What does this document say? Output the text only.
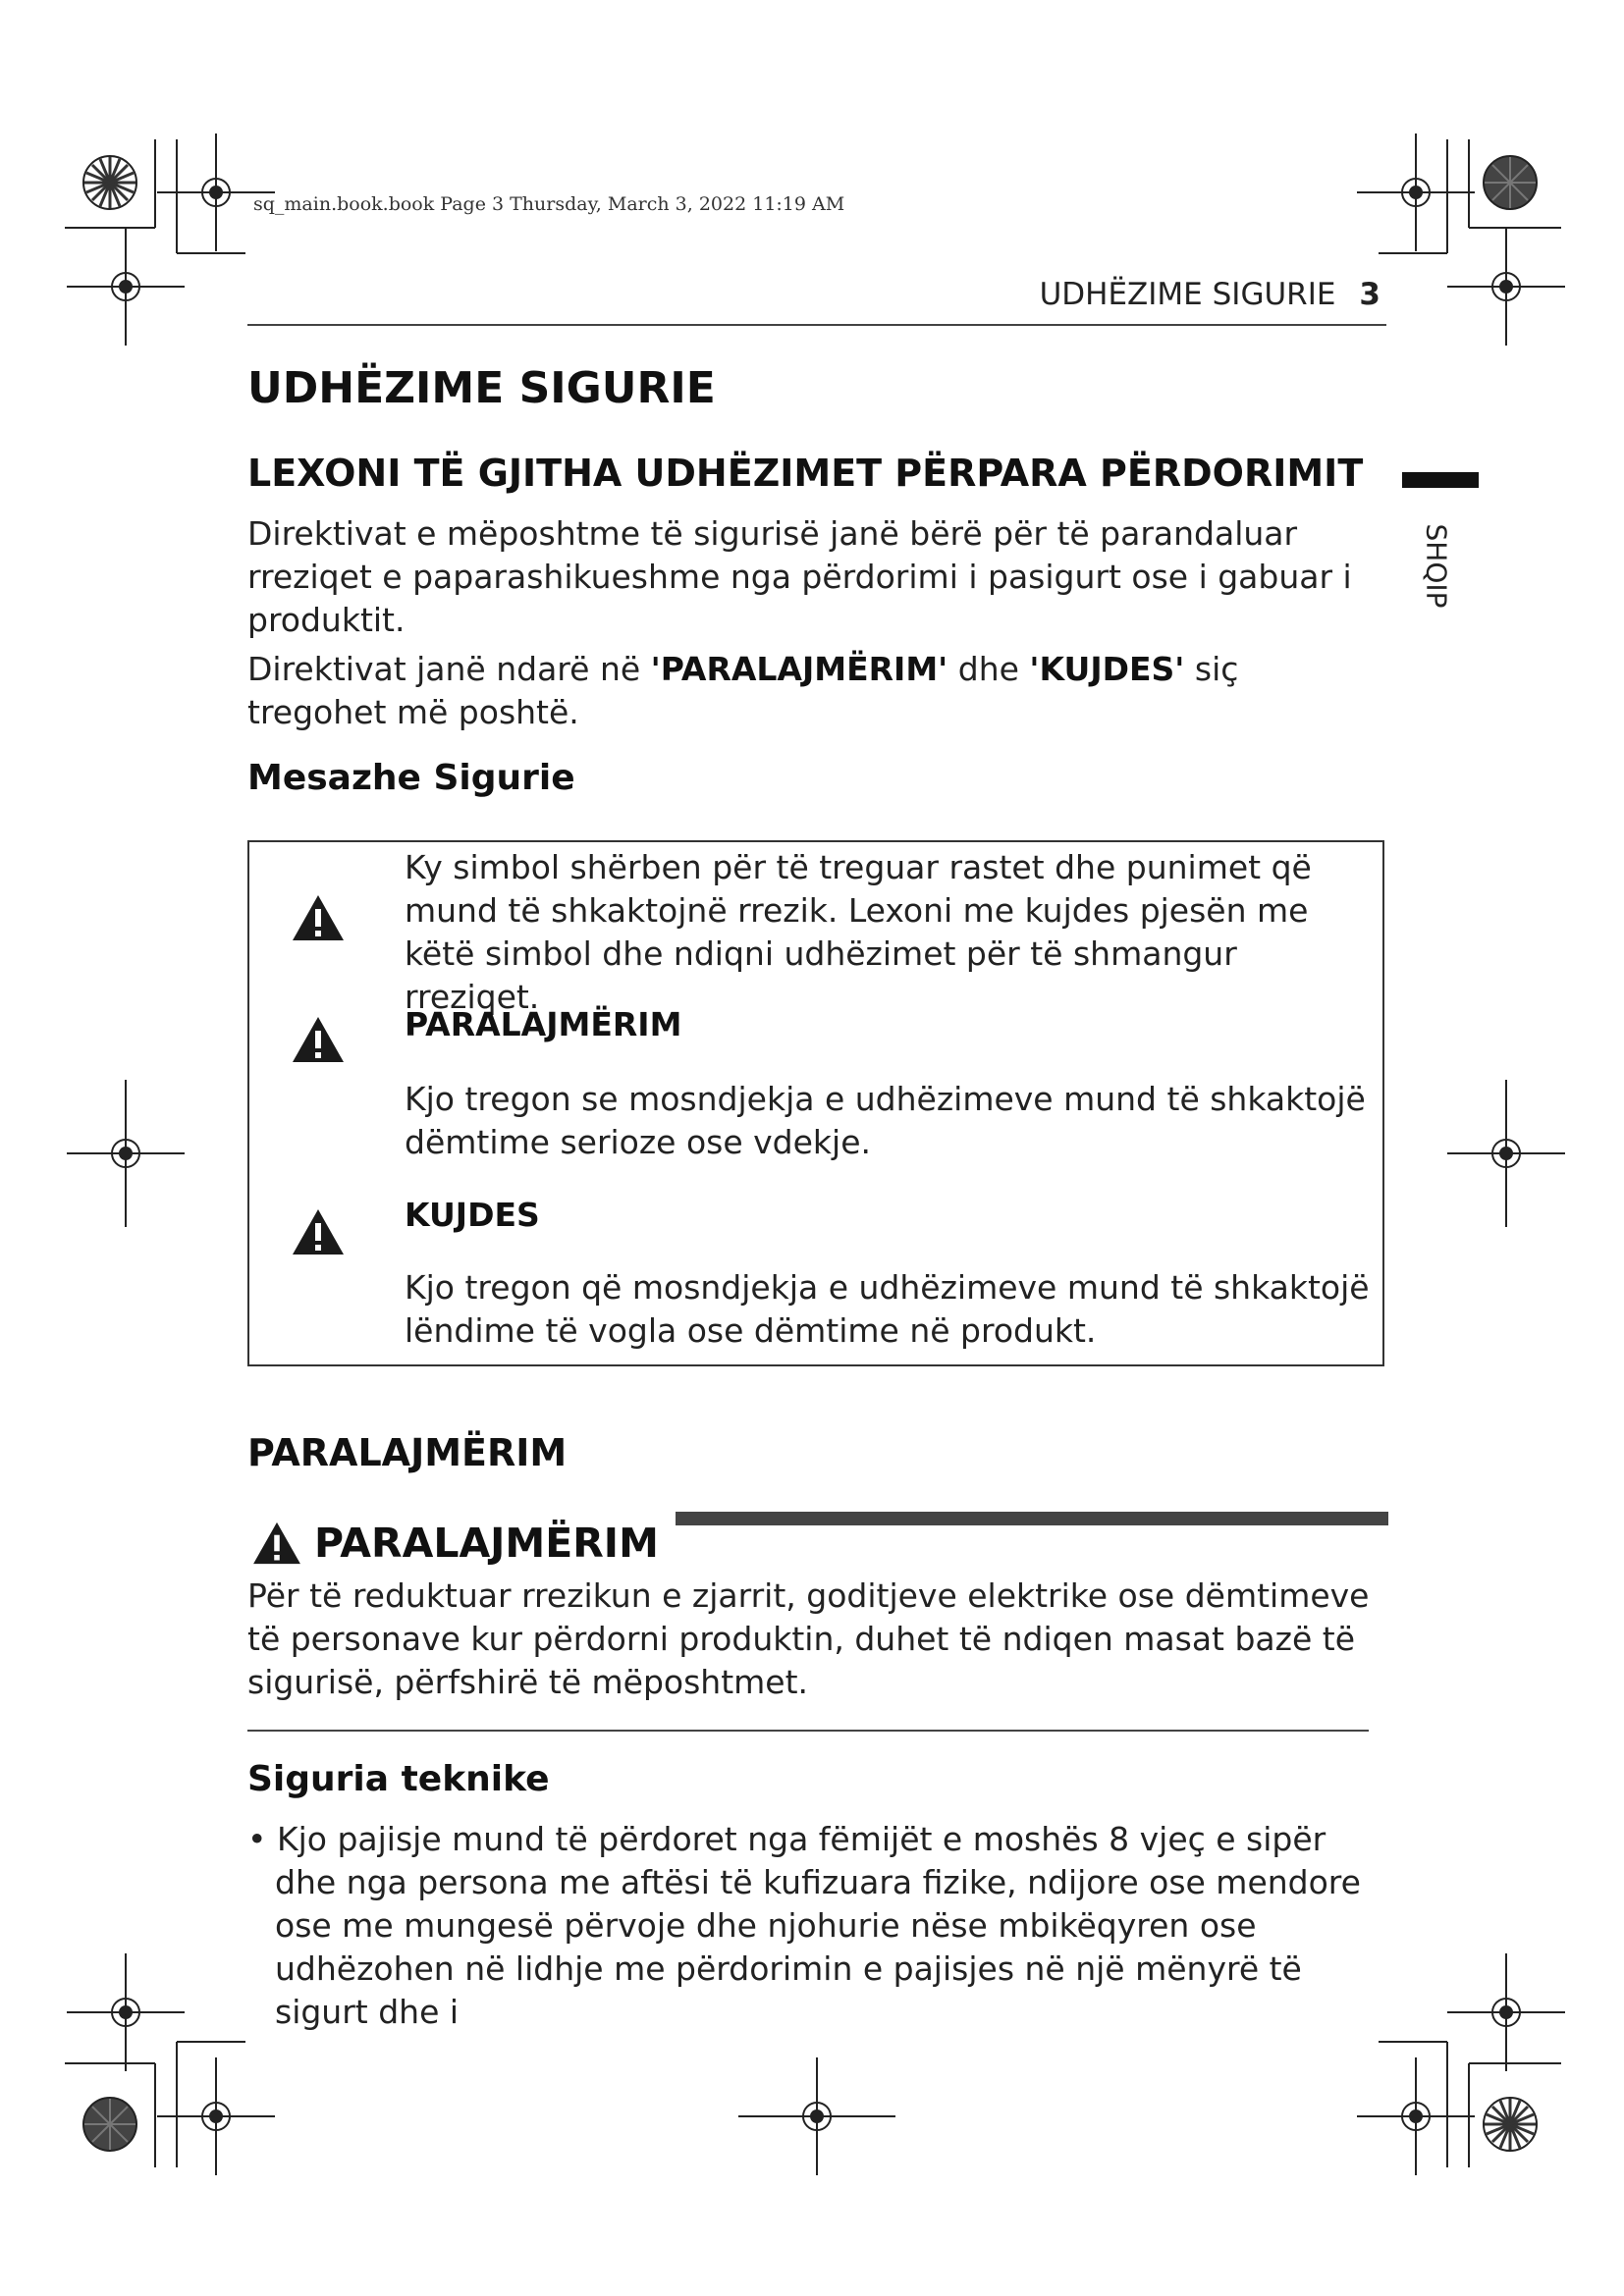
sq_main.book.book Page 3 Thursday, March 3, 2022 11:19 AM
UDHËZIME SIGURIE 3
SHQIP
UDHËZIME SIGURIE
LEXONI TË GJITHA UDHËZIMET PËRPARA PËRDORIMIT
Direktivat e mëposhtme të sigurisë janë bërë për të parandaluar rreziqet e paparashikueshme nga përdorimi i pasigurt ose i gabuar i produktit.
Direktivat janë ndarë në 'PARALAJMËRIM' dhe 'KUJDES' siç tregohet më poshtë.
Mesazhe Sigurie
Ky simbol shërben për të treguar rastet dhe punimet që mund të shkaktojnë rrezik. Lexoni me kujdes pjesën me këtë simbol dhe ndiqni udhëzimet për të shmangur rreziqet.
PARALAJMËRIM
Kjo tregon se mosndjekja e udhëzimeve mund të shkaktojë dëmtime serioze ose vdekje.
KUJDES
Kjo tregon që mosndjekja e udhëzimeve mund të shkaktojë lëndime të vogla ose dëmtime në produkt.
PARALAJMËRIM
PARALAJMËRIM
Për të reduktuar rrezikun e zjarrit, goditjeve elektrike ose dëmtimeve të personave kur përdorni produktin, duhet të ndiqen masat bazë të sigurisë, përfshirë të mëposhtmet.
Siguria teknike
• Kjo pajisje mund të përdoret nga fëmijët e moshës 8 vjeç e sipër dhe nga persona me aftësi të kufizuara fizike, ndijore ose mendore ose me mungesë përvoje dhe njohurie nëse mbikëqyren ose udhëzohen në lidhje me përdorimin e pajisjes në një mënyrë të sigurt dhe i
